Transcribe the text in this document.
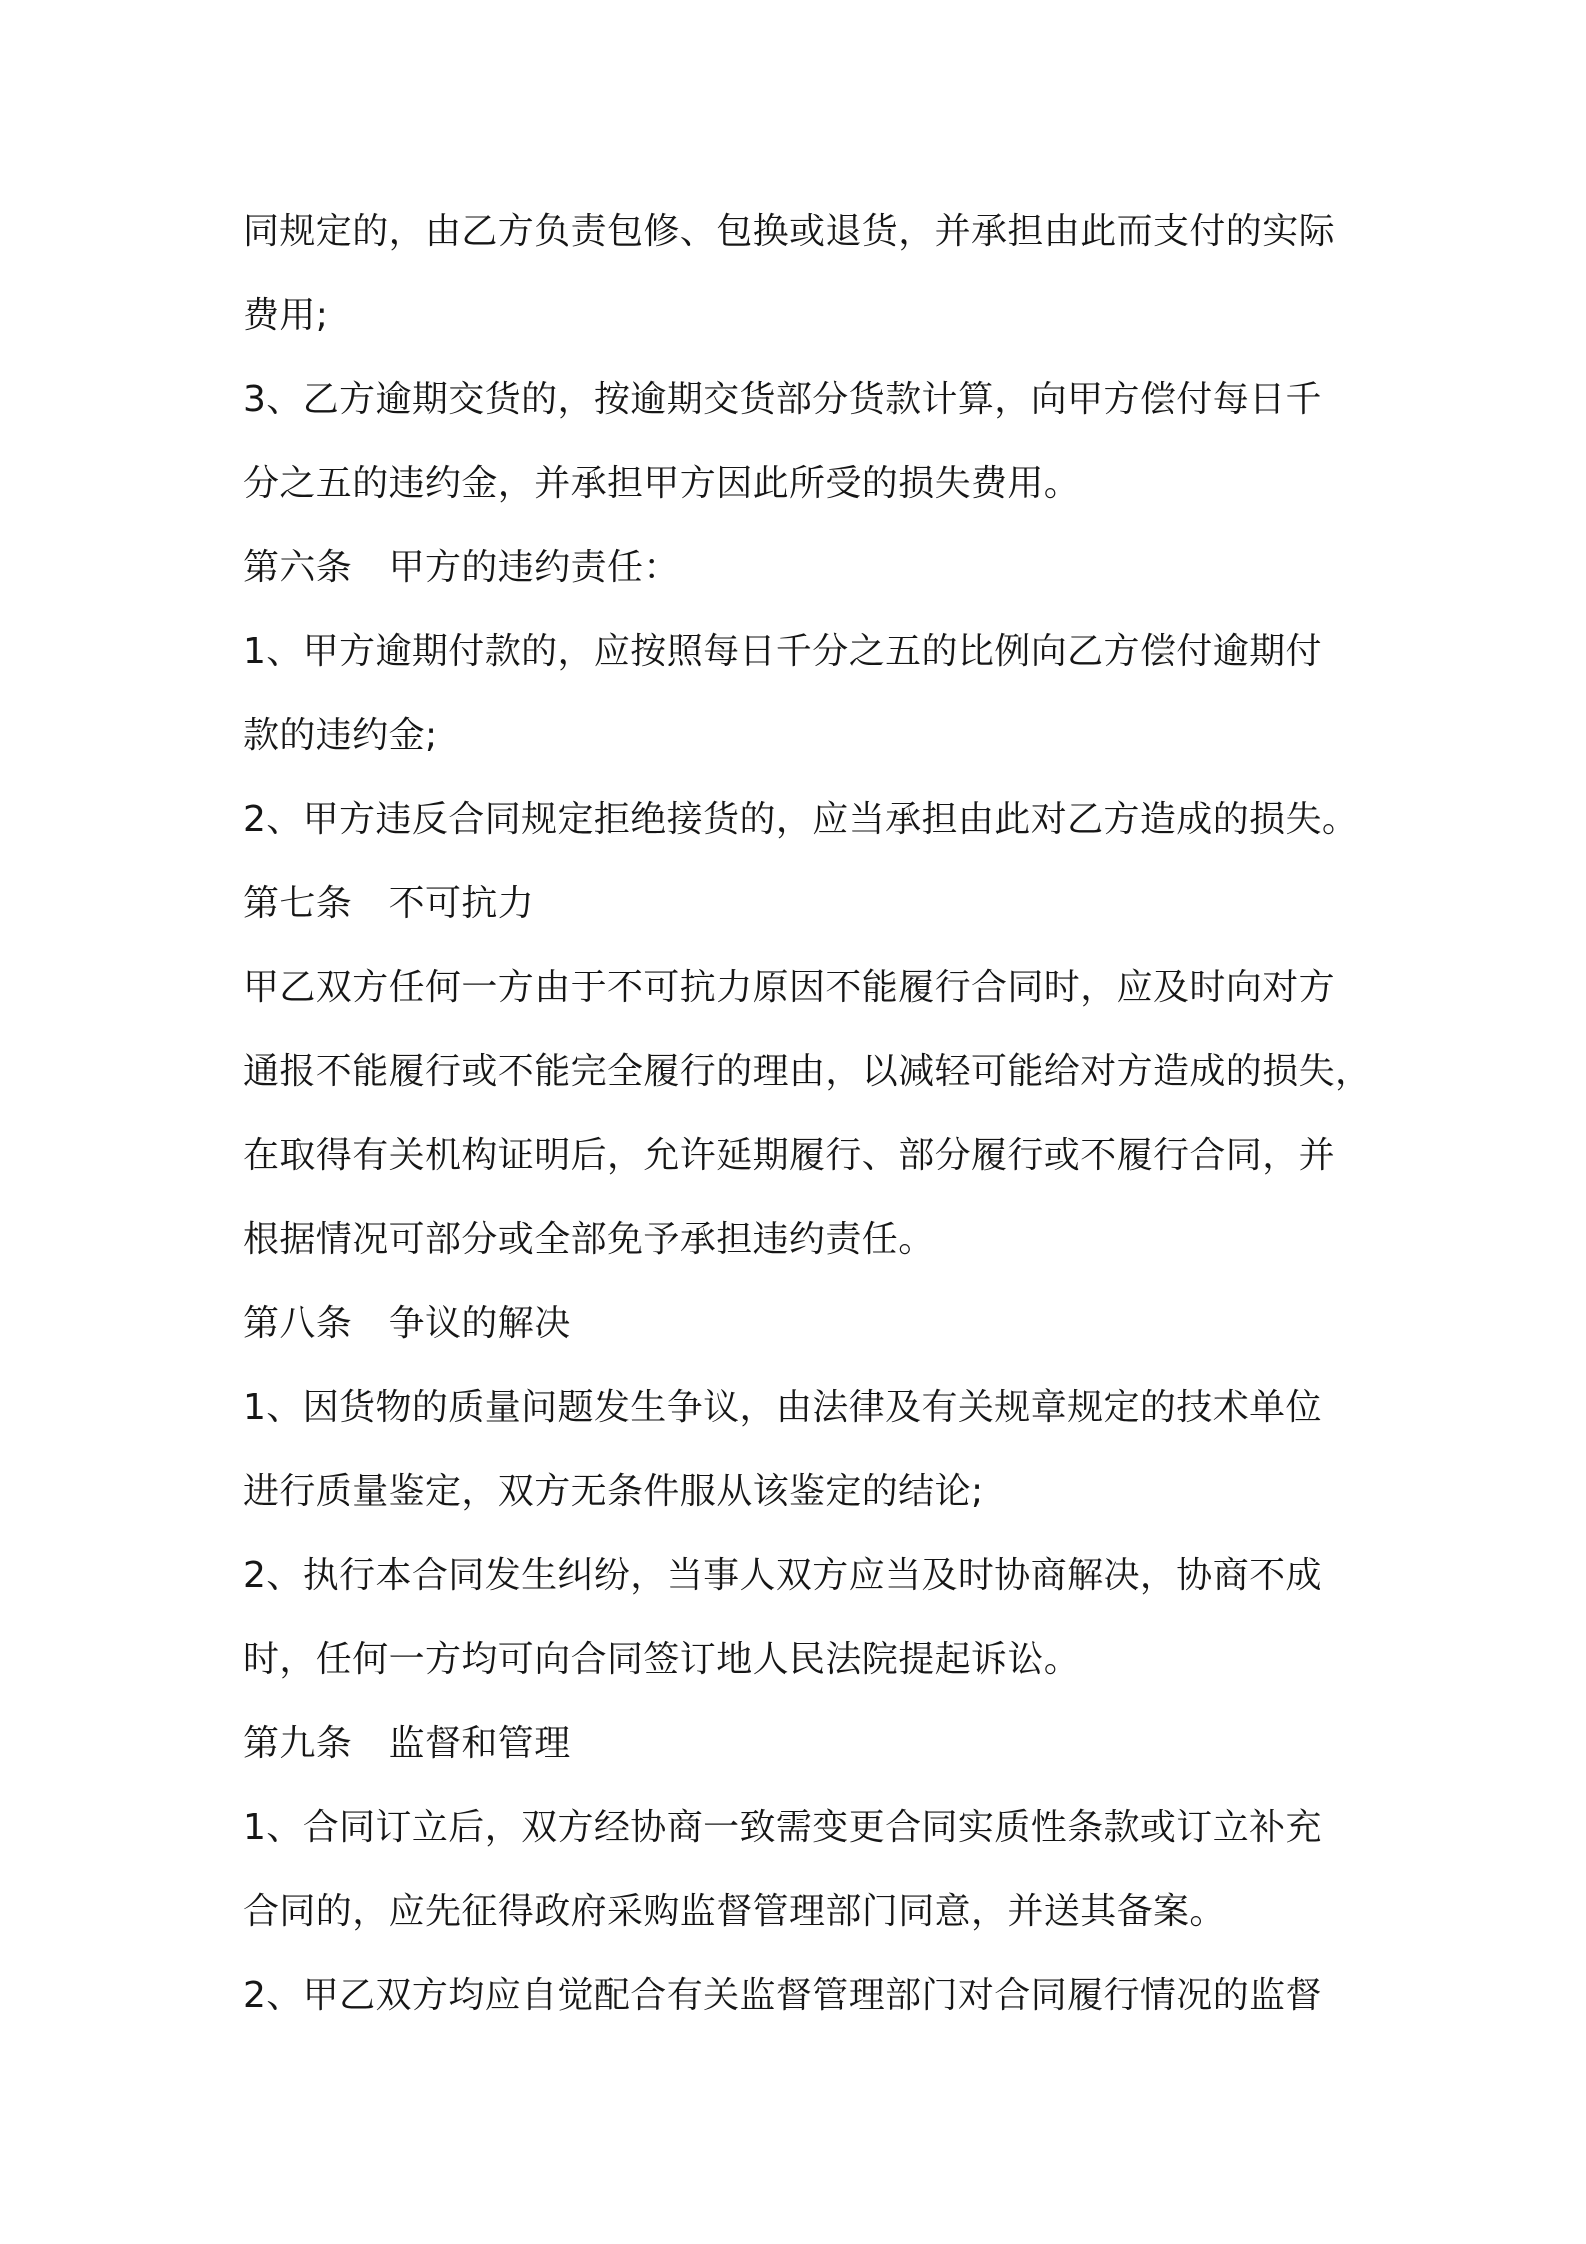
同规定的，由乙方负责包修、包换或退货，并承担由此而支付的实际
费用;
3、乙方逾期交货的，按逾期交货部分货款计算，向甲方偿付每日千
分之五的违约金，并承担甲方因此所受的损失费用。
第六条　甲方的违约责任：
1、甲方逾期付款的，应按照每日千分之五的比例向乙方偿付逾期付
款的违约金;
2、甲方违反合同规定拒绝接货的，应当承担由此对乙方造成的损失。
第七条　不可抗力
甲乙双方任何一方由于不可抗力原因不能履行合同时，应及时向对方
通报不能履行或不能完全履行的理由，以减轻可能给对方造成的损失，
在取得有关机构证明后，允许延期履行、部分履行或不履行合同，并
根据情况可部分或全部免予承担违约责任。
第八条　争议的解决
1、因货物的质量问题发生争议，由法律及有关规章规定的技术单位
进行质量鉴定，双方无条件服从该鉴定的结论;
2、执行本合同发生纠纷，当事人双方应当及时协商解决，协商不成
时，任何一方均可向合同签订地人民法院提起诉讼。
第九条　监督和管理
1、合同订立后，双方经协商一致需变更合同实质性条款或订立补充
合同的，应先征得政府采购监督管理部门同意，并送其备案。
2、甲乙双方均应自觉配合有关监督管理部门对合同履行情况的监督
